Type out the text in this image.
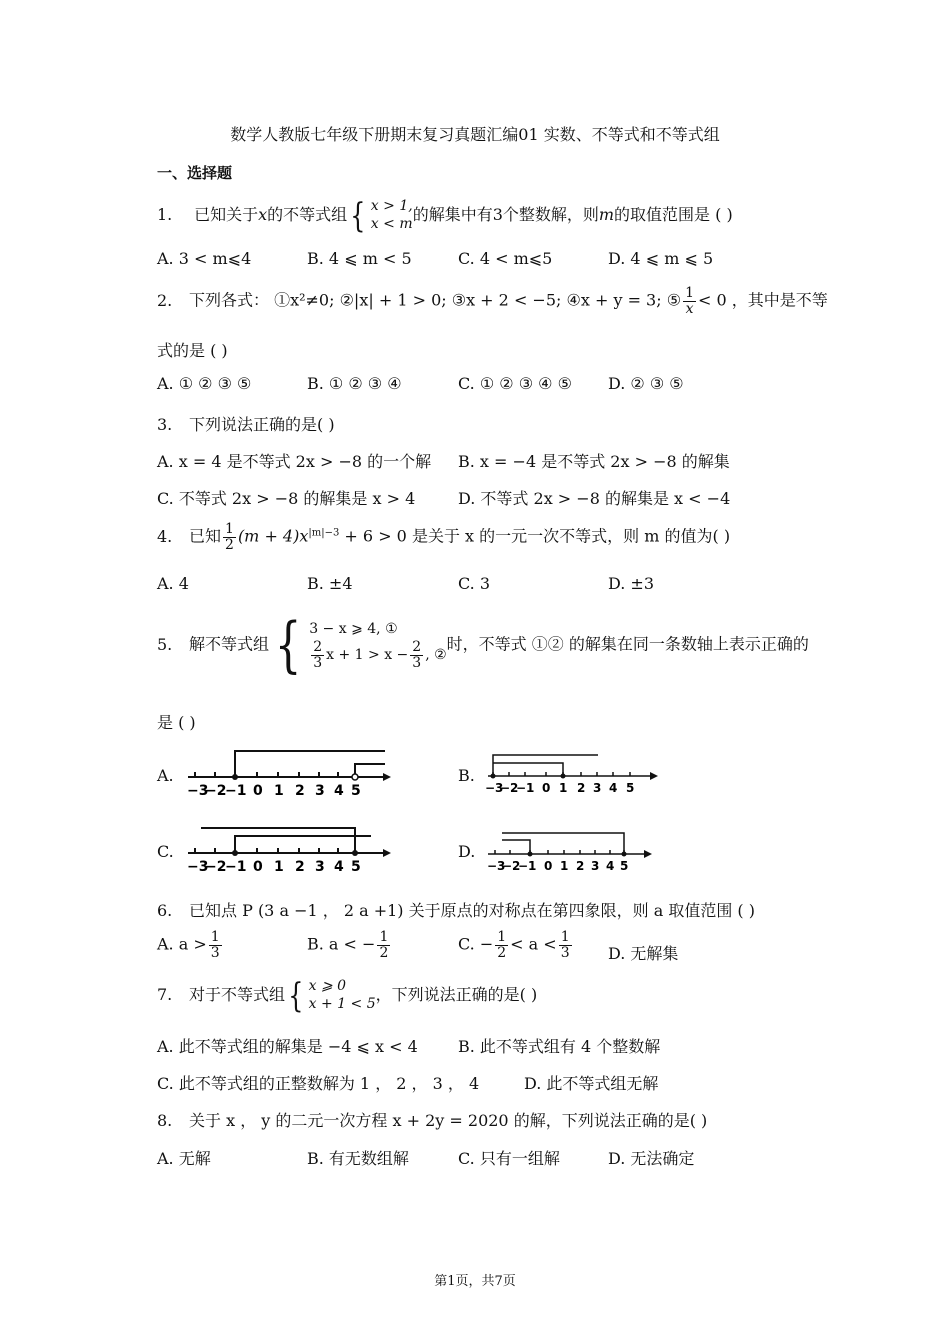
数学人教版七年级下册期末复习真题汇编01 实数、不等式和不等式组
一、选择题
1. 已知关于x的不等式组{ x > 1,
x < m 的解集中有3个整数解，则m的取值范围是 ( )
A. 3 < m⩽4	B. 4 ⩽ m < 5	C. 4 < m⩽5	D. 4 ⩽ m ⩽ 5
2. 下列各式： ①x²≠0; ②|x| + 1 > 0; ③x + 2 < −5; ④x + y = 3; ⑤ $\frac{1}{x} < 0$ ，其中是不等
式的是 ( )
A. ① ② ③ ⑤	B. ① ② ③ ④	C. ① ② ③ ④ ⑤ D. ② ③ ⑤
3. 下列说法正确的是( )
A. x = 4 是不等式 2x > −8 的一个解 B. x = −4 是不等式 2x > −8 的解集
C. 不等式 2x > −8 的解集是 x > 4	D. 不等式 2x > −8 的解集是 x < −4
4. 已知 $\frac{1}{2} (m + 4)x^{|m|-3} + 6 > 0$ 是关于 x 的一元一次不等式，则 m 的值为( )
A. 4	B. ±4	C. 3	D. ±3
5. 解不等式组{ 3 − x ⩾ 4, ①
$\frac{2}{3}$ $x + 1 > x - \frac{2}{3}$ , ②
时，不等式 ①② 的解集在同一条数轴上表示正确的
是 ( )
A.	B.
C.	D.
−3
−2
−1 0 1 2 3 4 5	−3
−2
−1 0 1 2 3 4 5
−3
−2
−1 0 1 2 3 4 5	−3
−2
−1 0 1 2 3 4 5
6. 已知点 P (3 a −1 ， 2 a +1) 关于原点的对称点在第四象限，则 a 取值范围 ( )
A. $a > \frac{1}{3}$	B. a < − $\frac{1}{2}$	C. − $\frac{1}{2} < a < \frac{1}{3} D$. 无解集
7. 对于不等式组{ x ⩾ 0
x + 1 < 5 ，下列说法正确的是( )
A. 此不等式组的解集是 −4 ⩽ x < 4	B. 此不等式组有 4 个整数解
C. 此不等式组的正整数解为 1 ， 2 ， 3 ， 4	D. 此不等式组无解
8. 关于 x ， y 的二元一次方程 x + 2y = 2020 的解，下列说法正确的是( )
A. 无解	B. 有无数组解	C. 只有一组解	D. 无法确定
第1页，共7页
